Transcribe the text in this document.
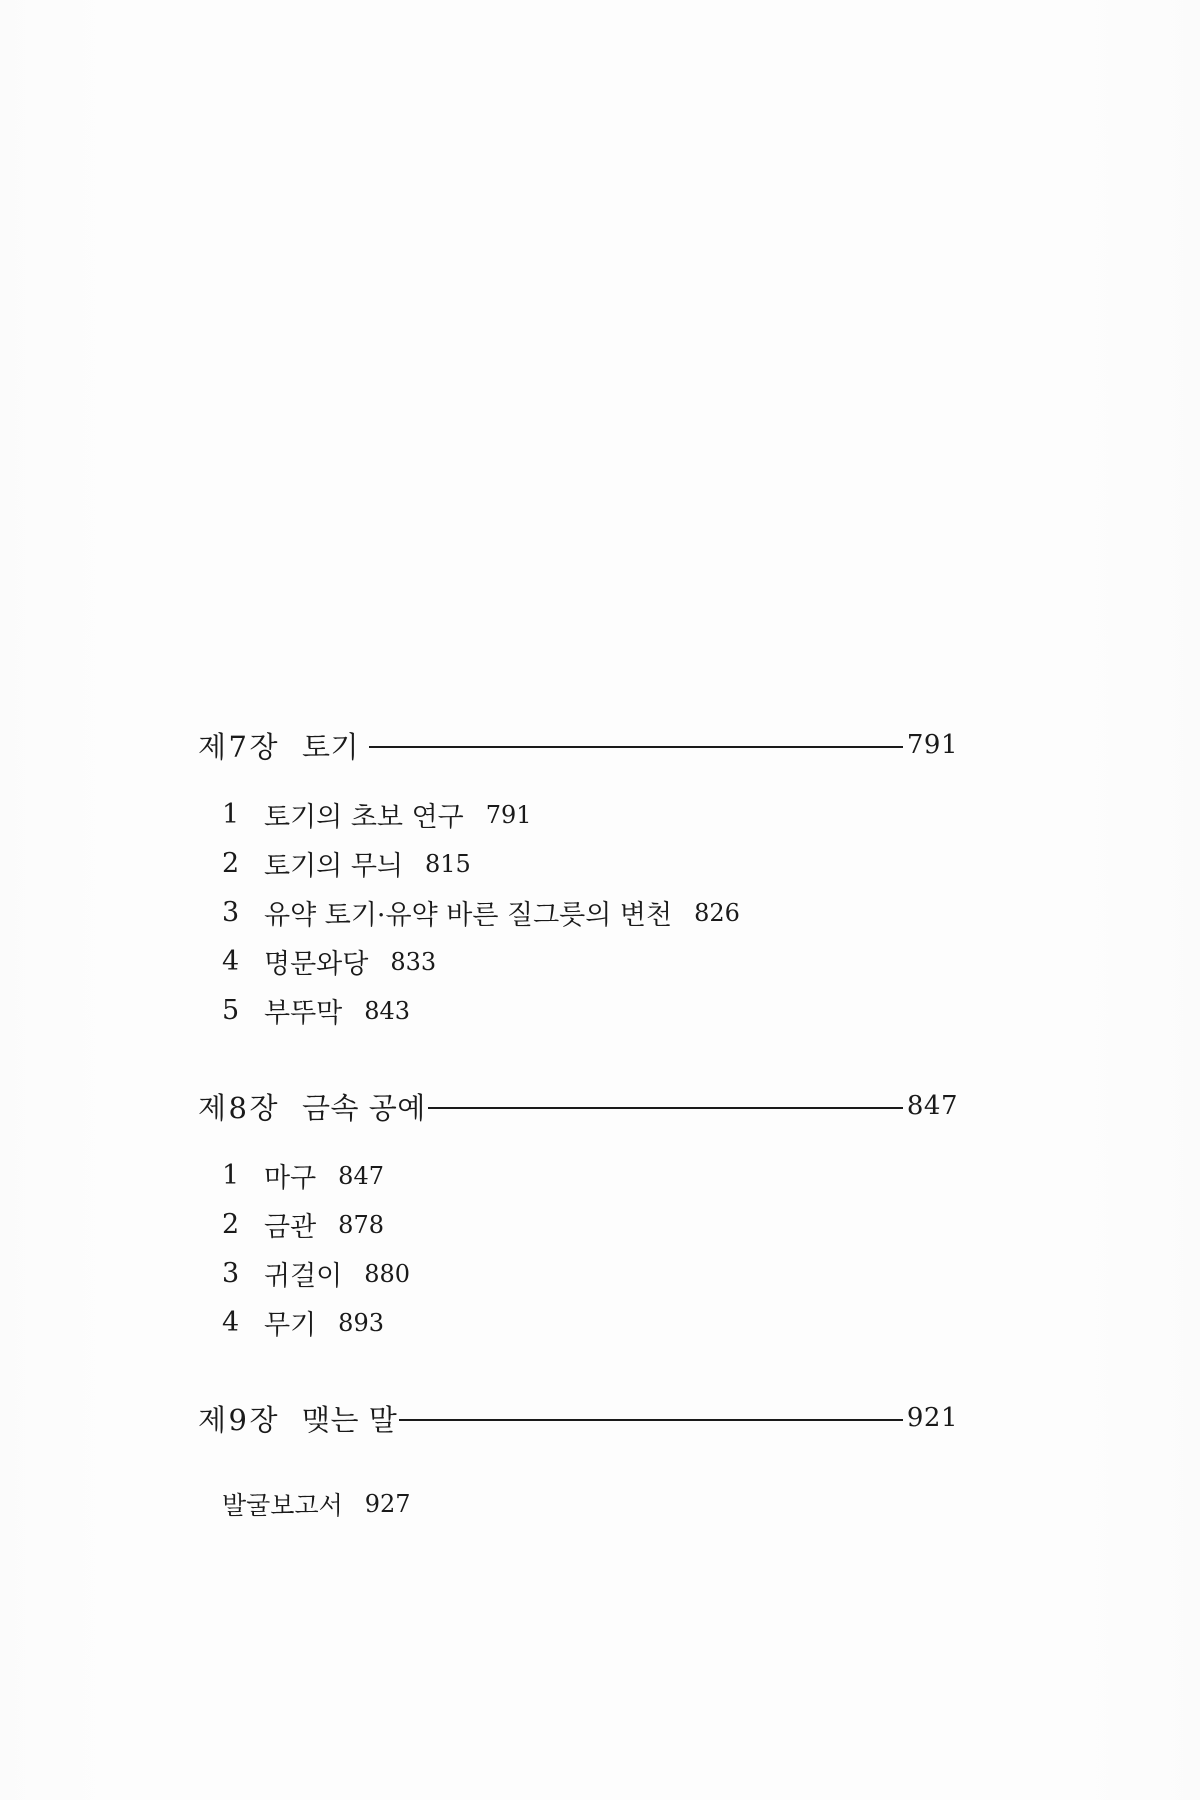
제7장 토기	791
1 토기의 초보 연구 791
2 토기의 무늬 815
3 유약 토기·유약 바른 질그릇의 변천 826
4 명문와당 833
5 부뚜막 843
제8장 금속 공예	847
1 마구 847
2 금관 878
3 귀걸이 880
4 무기 893
제9장 맺는 말	921
발굴보고서 927
